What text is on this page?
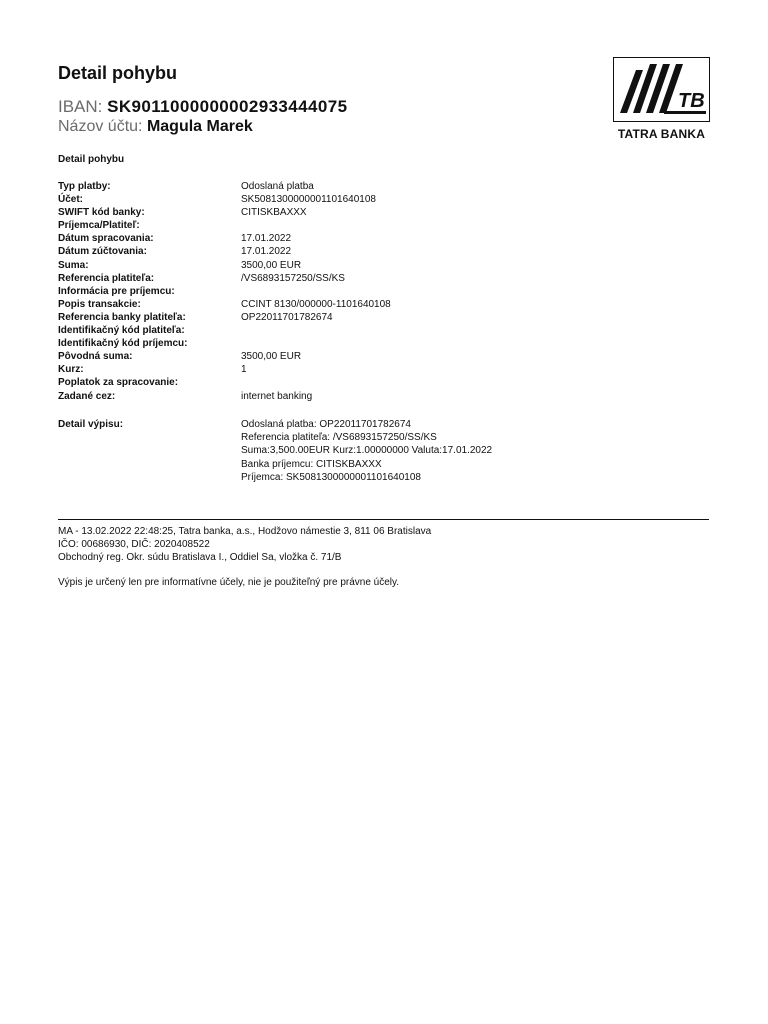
Detail pohybu
IBAN: SK9011000000002933444075
Názov účtu: Magula Marek
TB
TATRA BANKA
Detail pohybu
Typ platby:	Odoslaná platba
Účet:	SK5081300000001101640108
SWIFT kód banky:	CITISKBAXXX
Príjemca/Platiteľ:
Dátum spracovania:	17.01.2022
Dátum zúčtovania:	17.01.2022
Suma:	3500,00 EUR
Referencia platiteľa:	/VS6893157250/SS/KS
Informácia pre príjemcu:
Popis transakcie:	CCINT 8130/000000-1101640108
Referencia banky platiteľa:	OP22011701782674
Identifikačný kód platiteľa:
Identifikačný kód príjemcu:
Pôvodná suma:	3500,00 EUR
Kurz:	1
Poplatok za spracovanie:
Zadané cez:	internet banking
Detail výpisu:	Odoslaná platba: OP22011701782674
Referencia platiteľa: /VS6893157250/SS/KS
Suma:3,500.00EUR Kurz:1.00000000 Valuta:17.01.2022
Banka príjemcu: CITISKBAXXX
Príjemca: SK5081300000001101640108
MA - 13.02.2022 22:48:25, Tatra banka, a.s., Hodžovo námestie 3, 811 06 Bratislava
IČO: 00686930, DIČ: 2020408522
Obchodný reg. Okr. súdu Bratislava I., Oddiel Sa, vložka č. 71/B
Výpis je určený len pre informatívne účely, nie je použiteľný pre právne účely.
